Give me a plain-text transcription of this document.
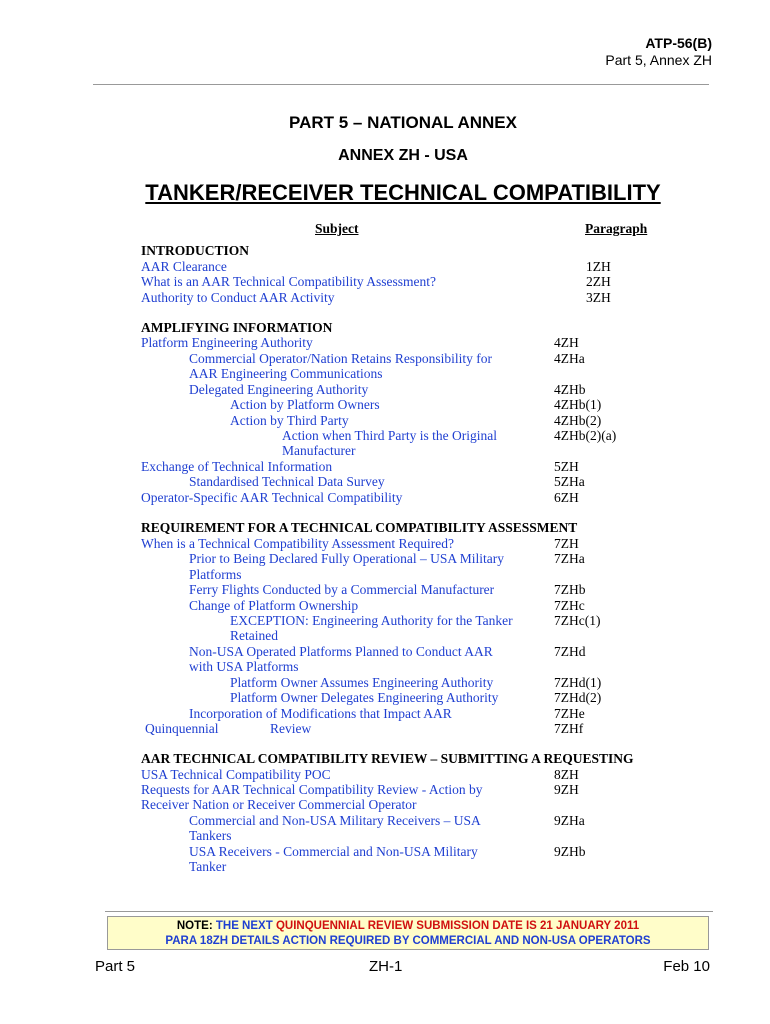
ATP-56(B)
Part 5, Annex ZH
PART 5 – NATIONAL ANNEX
ANNEX ZH - USA
TANKER/RECEIVER TECHNICAL COMPATIBILITY
Subject	Paragraph
INTRODUCTION
AAR Clearance	1ZH
What is an AAR Technical Compatibility Assessment?	2ZH
Authority to Conduct AAR Activity	3ZH
AMPLIFYING INFORMATION
Platform Engineering Authority	4ZH
Commercial Operator/Nation Retains Responsibility for	4ZHa
AAR Engineering Communications
Delegated Engineering Authority	4ZHb
Action by Platform Owners	4ZHb(1)
Action by Third Party	4ZHb(2)
Action when Third Party is the Original	4ZHb(2)(a)
Manufacturer
Exchange of Technical Information	5ZH
Standardised Technical Data Survey	5ZHa
Operator-Specific AAR Technical Compatibility	6ZH
REQUIREMENT FOR A TECHNICAL COMPATIBILITY ASSESSMENT
When is a Technical Compatibility Assessment Required?	7ZH
Prior to Being Declared Fully Operational – USA Military	7ZHa
Platforms
Ferry Flights Conducted by a Commercial Manufacturer	7ZHb
Change of Platform Ownership	7ZHc
EXCEPTION: Engineering Authority for the Tanker	7ZHc(1)
Retained
Non-USA Operated Platforms Planned to Conduct AAR	7ZHd
with USA Platforms
Platform Owner Assumes Engineering Authority	7ZHd(1)
Platform Owner Delegates Engineering Authority	7ZHd(2)
Incorporation of Modifications that Impact AAR	7ZHe
Quinquennial	Review	7ZHf
AAR TECHNICAL COMPATIBILITY REVIEW – SUBMITTING A REQUESTING
USA Technical Compatibility POC	8ZH
Requests for AAR Technical Compatibility Review - Action by	9ZH
Receiver Nation or Receiver Commercial Operator
Commercial and Non-USA Military Receivers – USA	9ZHa
Tankers
USA Receivers - Commercial and Non-USA Military	9ZHb
Tanker
NOTE: THE NEXT QUINQUENNIAL REVIEW SUBMISSION DATE IS 21 JANUARY 2011
PARA 18ZH DETAILS ACTION REQUIRED BY COMMERCIAL AND NON-USA OPERATORS
Part 5	ZH-1	Feb 10
